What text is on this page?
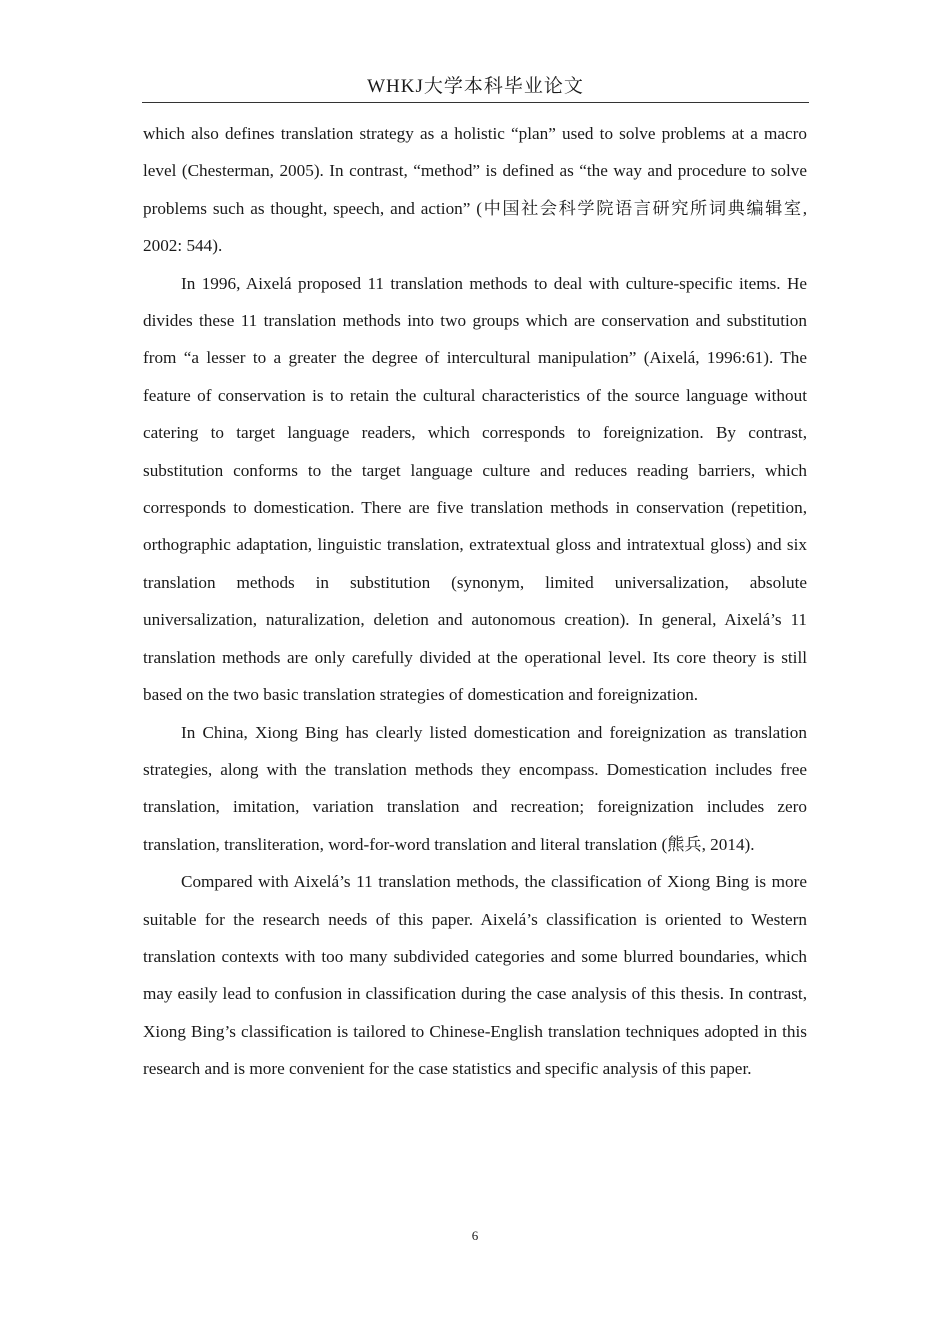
WHKJ大学本科毕业论文

which also defines translation strategy as a holistic “plan” used to solve problems at a macro level (Chesterman, 2005). In contrast, “method” is defined as “the way and procedure to solve problems such as thought, speech, and action” (中国社会科学院语言研究所词典编辑室, 2002: 544).

In 1996, Aixelá proposed 11 translation methods to deal with culture-specific items. He divides these 11 translation methods into two groups which are conservation and substitution from “a lesser to a greater the degree of intercultural manipulation” (Aixelá, 1996:61). The feature of conservation is to retain the cultural characteristics of the source language without catering to target language readers, which corresponds to foreignization. By contrast, substitution conforms to the target language culture and reduces reading barriers, which corresponds to domestication. There are five translation methods in conservation (repetition, orthographic adaptation, linguistic translation, extratextual gloss and intratextual gloss) and six translation methods in substitution (synonym, limited universalization, absolute universalization, naturalization, deletion and autonomous creation). In general, Aixelá’s 11 translation methods are only carefully divided at the operational level. Its core theory is still based on the two basic translation strategies of domestication and foreignization.

In China, Xiong Bing has clearly listed domestication and foreignization as translation strategies, along with the translation methods they encompass. Domestication includes free translation, imitation, variation translation and recreation; foreignization includes zero translation, transliteration, word-for-word translation and literal translation (熊兵, 2014).

Compared with Aixelá’s 11 translation methods, the classification of Xiong Bing is more suitable for the research needs of this paper. Aixelá’s classification is oriented to Western translation contexts with too many subdivided categories and some blurred boundaries, which may easily lead to confusion in classification during the case analysis of this thesis. In contrast, Xiong Bing’s classification is tailored to Chinese-English translation techniques adopted in this research and is more convenient for the case statistics and specific analysis of this paper.

6
